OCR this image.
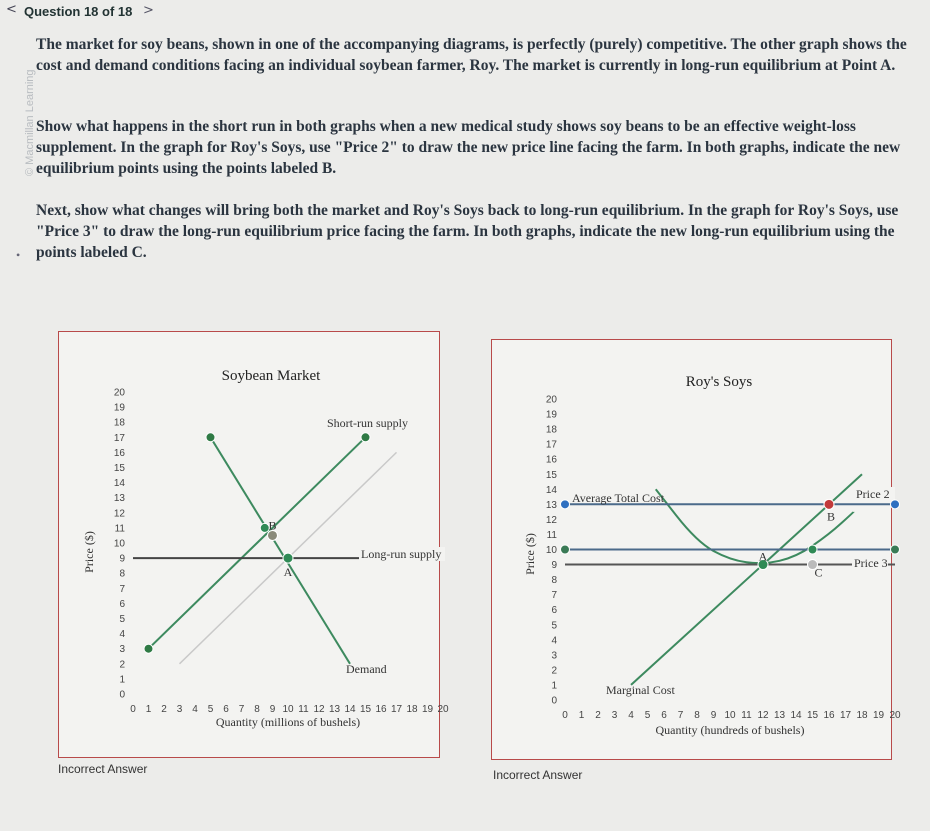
< Question 18 of 18 >
© Macmillan Learning

The market for soy beans, shown in one of the accompanying diagrams, is perfectly (purely) competitive. The other graph shows the cost and demand conditions facing an individual soybean farmer, Roy. The market is currently in long-run equilibrium at Point A.

Show what happens in the short run in both graphs when a new medical study shows soy beans to be an effective weight-loss supplement. In the graph for Roy's Soys, use "Price 2" to draw the new price line facing the farm. In both graphs, indicate the new equilibrium points using the points labeled B.

Next, show what changes will bring both the market and Roy's Soys back to long-run equilibrium. In the graph for Roy's Soys, use "Price 3" to draw the long-run equilibrium price facing the farm. In both graphs, indicate the new long-run equilibrium using the points labeled C.

•
Soybean Market
Price ($)
Quantity (millions of bushels)
0
1
2
3
4
5
6
7
8
9
10
11
12
13
14
15
16
17
18
19
20
0 1 2 3 4 5 6 7 8 9 10 11 12 13 14 15 16 17 18 19 20
Short-run supply
Long-run supply
Demand
A
B
Incorrect Answer
Roy's Soys
Price ($)
Quantity (hundreds of bushels)
0
1
2
3
4
5
6
7
8
9
10
11
12
13
14
15
16
17
18
19
20
0 1 2 3 4 5 6 7 8 9 10 11 12 13 14 15 16 17 18 19 20
Average Total Cost
Marginal Cost
Price 2
Price 3
A
B
C
Incorrect Answer
